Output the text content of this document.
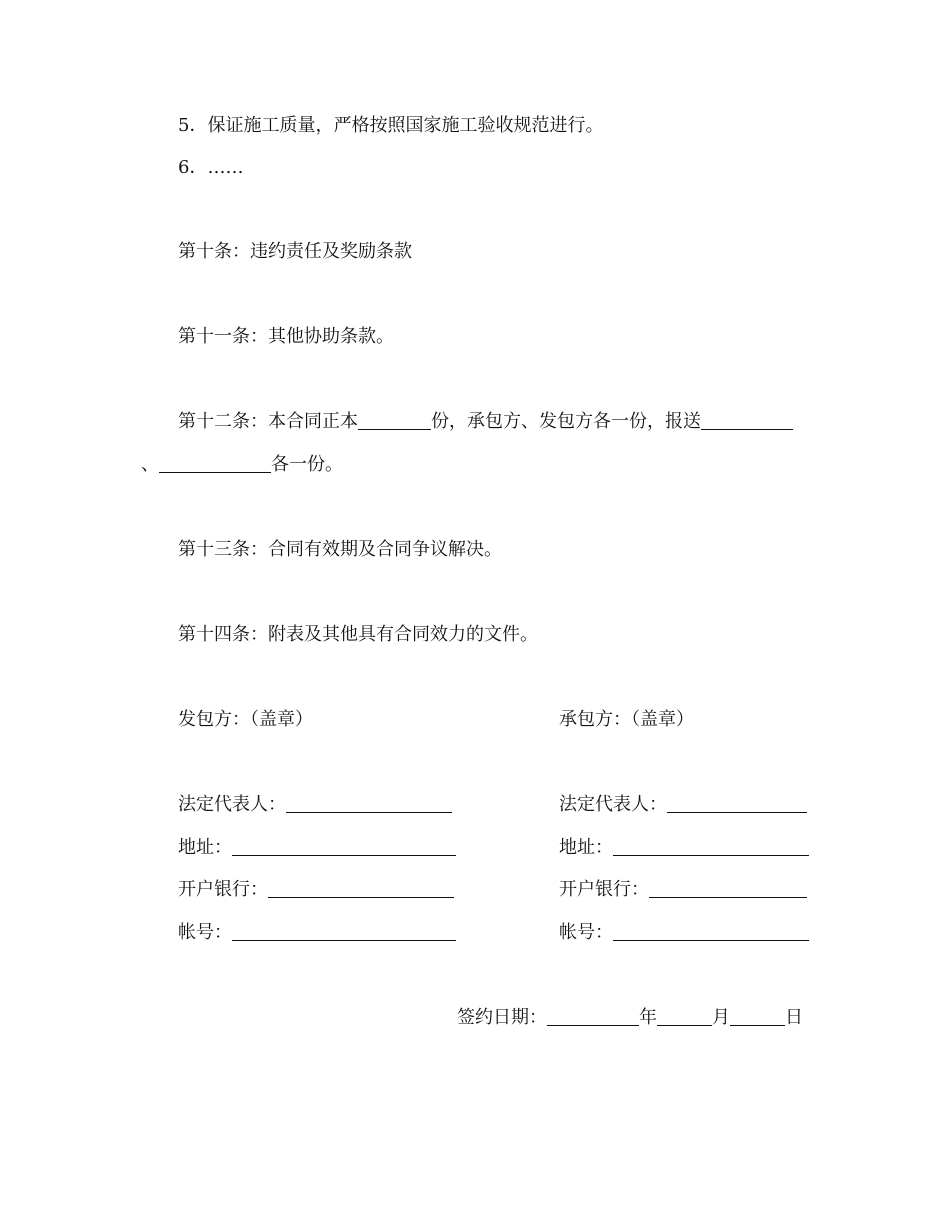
5．保证施工质量，严格按照国家施工验收规范进行。
6．……
第十条：违约责任及奖励条款
第十一条：其他协助条款。
第十二条：本合同正本	份，承包方、发包方各一份，报送
、	各一份。
第十三条：合同有效期及合同争议解决。
第十四条：附表及其他具有合同效力的文件。
发包方：（盖章）
法定代表人：
地址：
开户银行：
帐号：
承包方：（盖章）
法定代表人：
地址：
开户银行：
帐号：
签约日期：	年	月	日
